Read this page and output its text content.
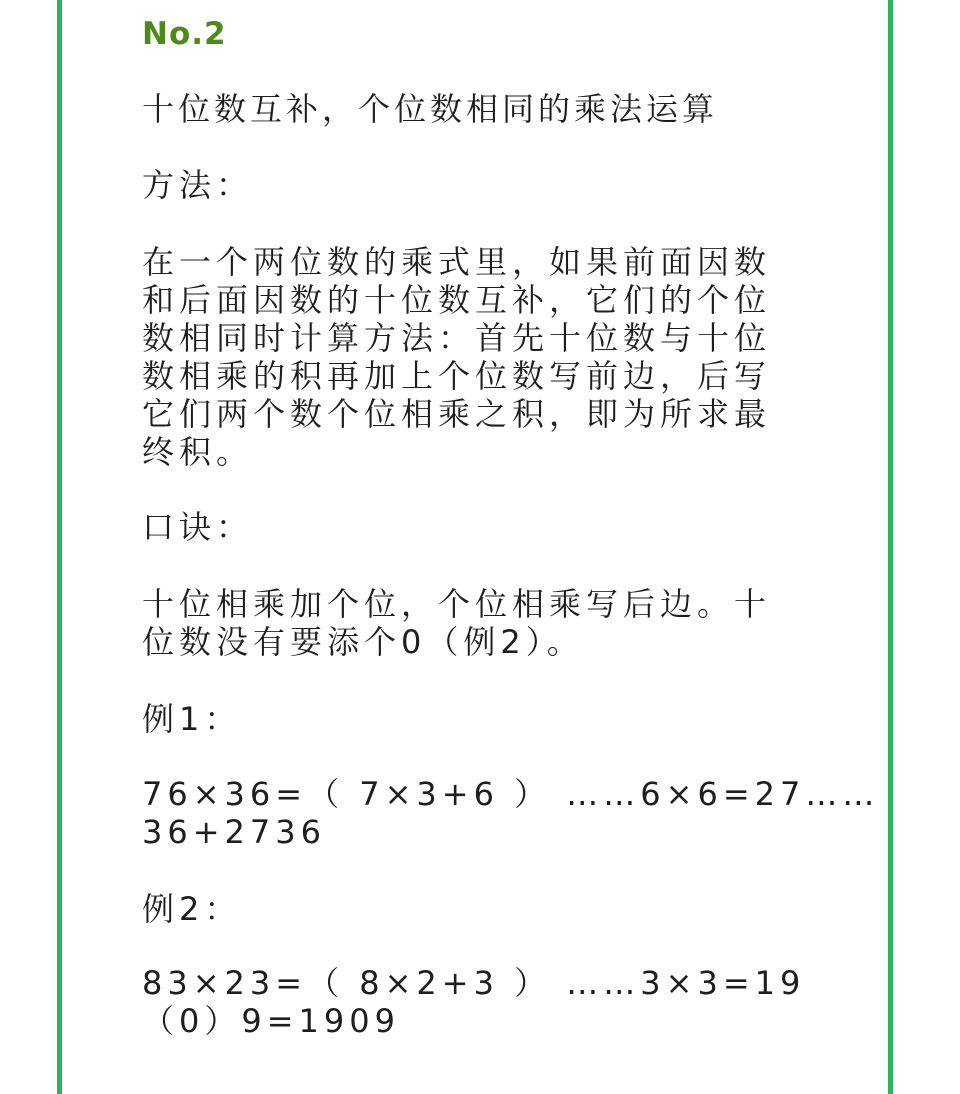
No.2

十位数互补，个位数相同的乘法运算

方法：

在一个两位数的乘式里，如果前面因数
和后面因数的十位数互补，它们的个位
数相同时计算方法：首先十位数与十位
数相乘的积再加上个位数写前边，后写
它们两个数个位相乘之积，即为所求最
终积。

口诀：

十位相乘加个位，个位相乘写后边。十
位数没有要添个0（例2）。

例1：

76×36=（ 7×3+6 ） ……6×6=27……
36+2736

例2：

83×23=（ 8×2+3 ） ……3×3=19
（0）9=1909
